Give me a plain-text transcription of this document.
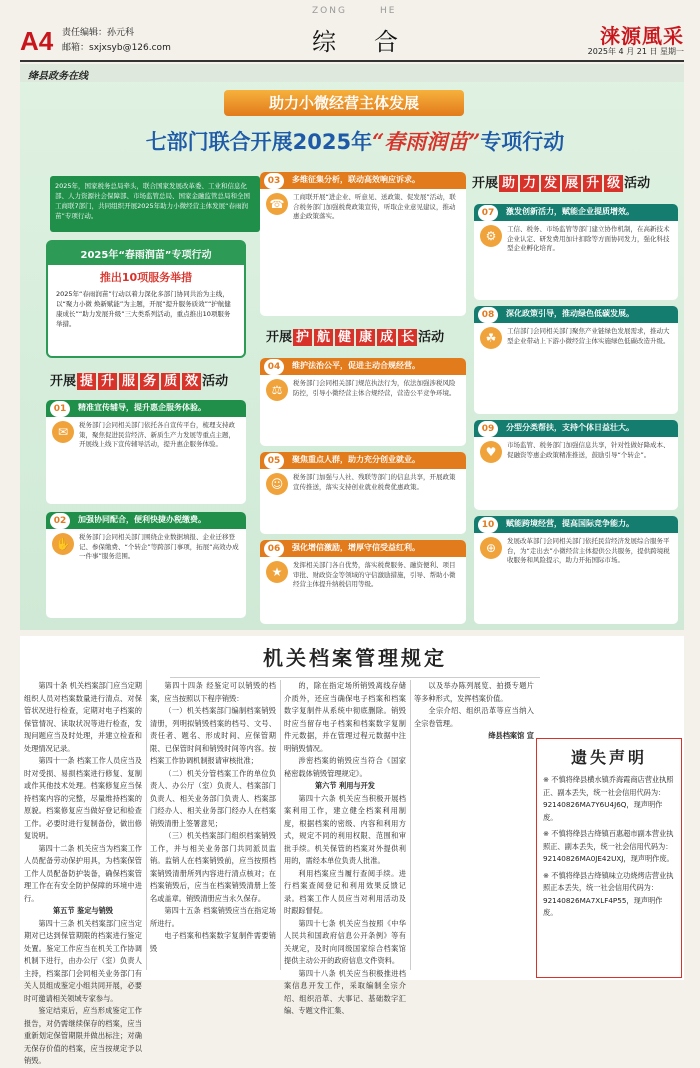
A4 责任编辑：孙元科
邮箱：sxjxsyb@126.com
ZONG	HE
综 合	涞源風采
2025年 4 月 21 日 星期一
绛县政务在线
助力小微经营主体发展
七部门联合开展2025年“春雨润苗”专项行动
2025年，国家税务总局牵头，联合国家发展改革委、工业和信息化部、人力资源社会保障部、市场监管总局、国家金融监管总局和全国工商联7部门，共同组织开展2025年助力小微经营主体发展“春雨润苗”专项行动。
2025年“春雨润苗”专项行动
推出10项服务举措
2025年“春雨润苗”行动以着力深化多部门协同共治为主线，以“聚力小微 焕新赋能”为主题，开展“提升服务质效”“护航健康成长”“助力发展升级”三大类系列活动，重点推出10项服务举措。
开展 提 升 服 务 质 效 活动
开展 护 航 健 康 成 长 活动
开展 助 力 发 展 升 级 活动
01	精准宣传辅导，提升惠企服务体验。
✉	税务部门会同相关部门依托各自宣传平台，梳理支持政策，聚焦促进民营经济、新质生产力发展等重点主题，开展线上线下宣传辅导活动，提升惠企服务体验。
02	加强协同配合，便利快捷办税缴费。
✋	税务部门会同相关部门围绕企业数据填报、企业迁移登记、参保缴费、“个转企”等跨部门事项，拓展“高效办成一件事”服务范围。
03	多维征集分析，联动高效响应诉求。
☎	工商联开展“进企业、听意见、送政策、促发展”活动，联合税务部门加强税费政策宣传，听取企业意见建议，推动惠企政策落实。
04	维护法治公平，促进主动合规经营。
⚖	税务部门会同相关部门规范执法行为，依法加强涉税风险防控，引导小微经营主体合规经营，营造公平竞争环境。
05	聚焦重点人群，助力充分创业就业。
☺	税务部门加强与人社、残联等部门的信息共享，开展政策宣传推送，落实支持创业就业税费优惠政策。
06	强化增信激励，增厚守信受益红利。
★	发挥相关部门各自优势，落实税费服务、融资便利、项目审批、财政资金等领域的守信激励措施，引导、帮助小微经营主体提升纳税信用等级。
07	激发创新活力，赋能企业提质增效。
⚙	工信、税务、市场监管等部门建立协作机制，在高新技术企业认定、研发费用加计扣除等方面协同发力，强化科技型企业孵化培育。
08	深化政策引导，推动绿色低碳发展。
☘	工信部门会同相关部门聚焦产业链绿色发展需求，推动大型企业带动上下游小微经营主体实施绿色低碳改造升级。
09	分型分类帮扶，支持个体日益壮大。
♥	市场监管、税务部门加强信息共享，针对性做好降成本、促融资等惠企政策精准推送，鼓励引导“个转企”。
10	赋能跨境经营，提高国际竞争能力。
⊕	发展改革部门会同相关部门依托民营经济发展综合服务平台，为“走出去”小微经营主体提供公共服务，提供跨境税收服务和风险提示，助力开拓国际市场。
机关档案管理规定

第四十条 机关档案部门应当定期组织人员对档案数量进行清点、对保管状况进行检查，定期对电子档案的保管情况、读取状况等进行检查，发现问题应当及时处理，并建立检查和处理情况记录。

第四十一条 档案工作人员应当及时对受损、易损档案进行修复、复制或作其他技术处理。档案修复应当保持档案内容的完整，尽量维持档案的原貌。档案修复应当做好登记和检查工作。必要时进行复制备份，做出修复说明。

第四十二条 机关应当为档案工作人员配备劳动保护用具，为档案保管工作人员配备防护装备，确保档案管理工作在有安全防护保障的环境中进行。

第五节 鉴定与销毁

第四十三条 机关档案部门应当定期对已达到保管期限的档案进行鉴定处置。鉴定工作应当在机关工作协调机制下进行，由办公厅（室）负责人主持，档案部门会同相关业务部门有关人员组成鉴定小组共同开展，必要时可邀请相关领域专家参与。

鉴定结束后，应当形成鉴定工作报告，对仍需继续保存的档案，应当重新划定保管期限并做出标注；对确无保存价值的档案，应当按规定予以销毁。

第四十四条 经鉴定可以销毁的档案，应当按照以下程序销毁：

（一）机关档案部门编制档案销毁清册，列明拟销毁档案的档号、文号、责任者、题名、形成时间、应保管期限、已保管时间和销毁时间等内容。按档案工作协调机制报请审核批准；

（二）机关分管档案工作的单位负责人、办公厅（室）负责人、档案部门负责人、相关业务部门负责人、档案部门经办人、相关业务部门经办人在档案销毁清册上签署意见；

（三）机关档案部门组织档案销毁工作，并与相关业务部门共同派员监销。监销人在档案销毁前，应当按照档案销毁清册所列内容进行清点核对；在档案销毁后，应当在档案销毁清册上签名或盖章。销毁清册应当永久保存。

第四十五条 档案销毁应当在指定场所进行。

电子档案和档案数字复制件需要销毁

的，除在指定场所销毁离线存储介质外，还应当确保电子档案和档案数字复制件从系统中彻底删除。销毁时应当留存电子档案和档案数字复制件元数据，并在管理过程元数据中注明销毁情况。

涉密档案的销毁应当符合《国家秘密载体销毁管理规定》。

第六节 利用与开发

第四十六条 机关应当积极开展档案利用工作，建立健全档案利用制度，根据档案的密级、内容和利用方式，规定不同的利用权限、范围和审批手续。机关保管的档案对外提供利用的，需经本单位负责人批准。

利用档案应当履行查阅手续。进行档案查阅登记和利用效果反馈记录。档案工作人员应当对利用活动及时跟踪督促。

第四十七条 机关应当按照《中华人民共和国政府信息公开条例》等有关规定，及时向同级国家综合档案馆提供主动公开的政府信息文件资料。

第四十八条 机关应当积极推进档案信息开发工作，采取编制全宗介绍、组织沿革、大事记、基础数字汇编、专题文件汇集、

以及举办陈列展览、拍摄专题片等多种形式，发挥档案价值。

全宗介绍、组织沿革等应当纳入全宗卷管理。

绛县档案馆 宣

遗失声明

※ 不慎将绛县横水镇乔海霞商店营业执照正、副本丢失，统一社会信用代码为：92140826MA7Y6U4J6Q，现声明作废。

※ 不慎将绛县古绛镇百惠超市副本营业执照正、副本丢失，统一社会信用代码为：92140826MA0JE42UXJ，现声明作废。

※ 不慎将绛县古绛镇味立功烧烤店营业执照正本丢失，统一社会信用代码为：92140826MA7XLF4P55，现声明作废。
